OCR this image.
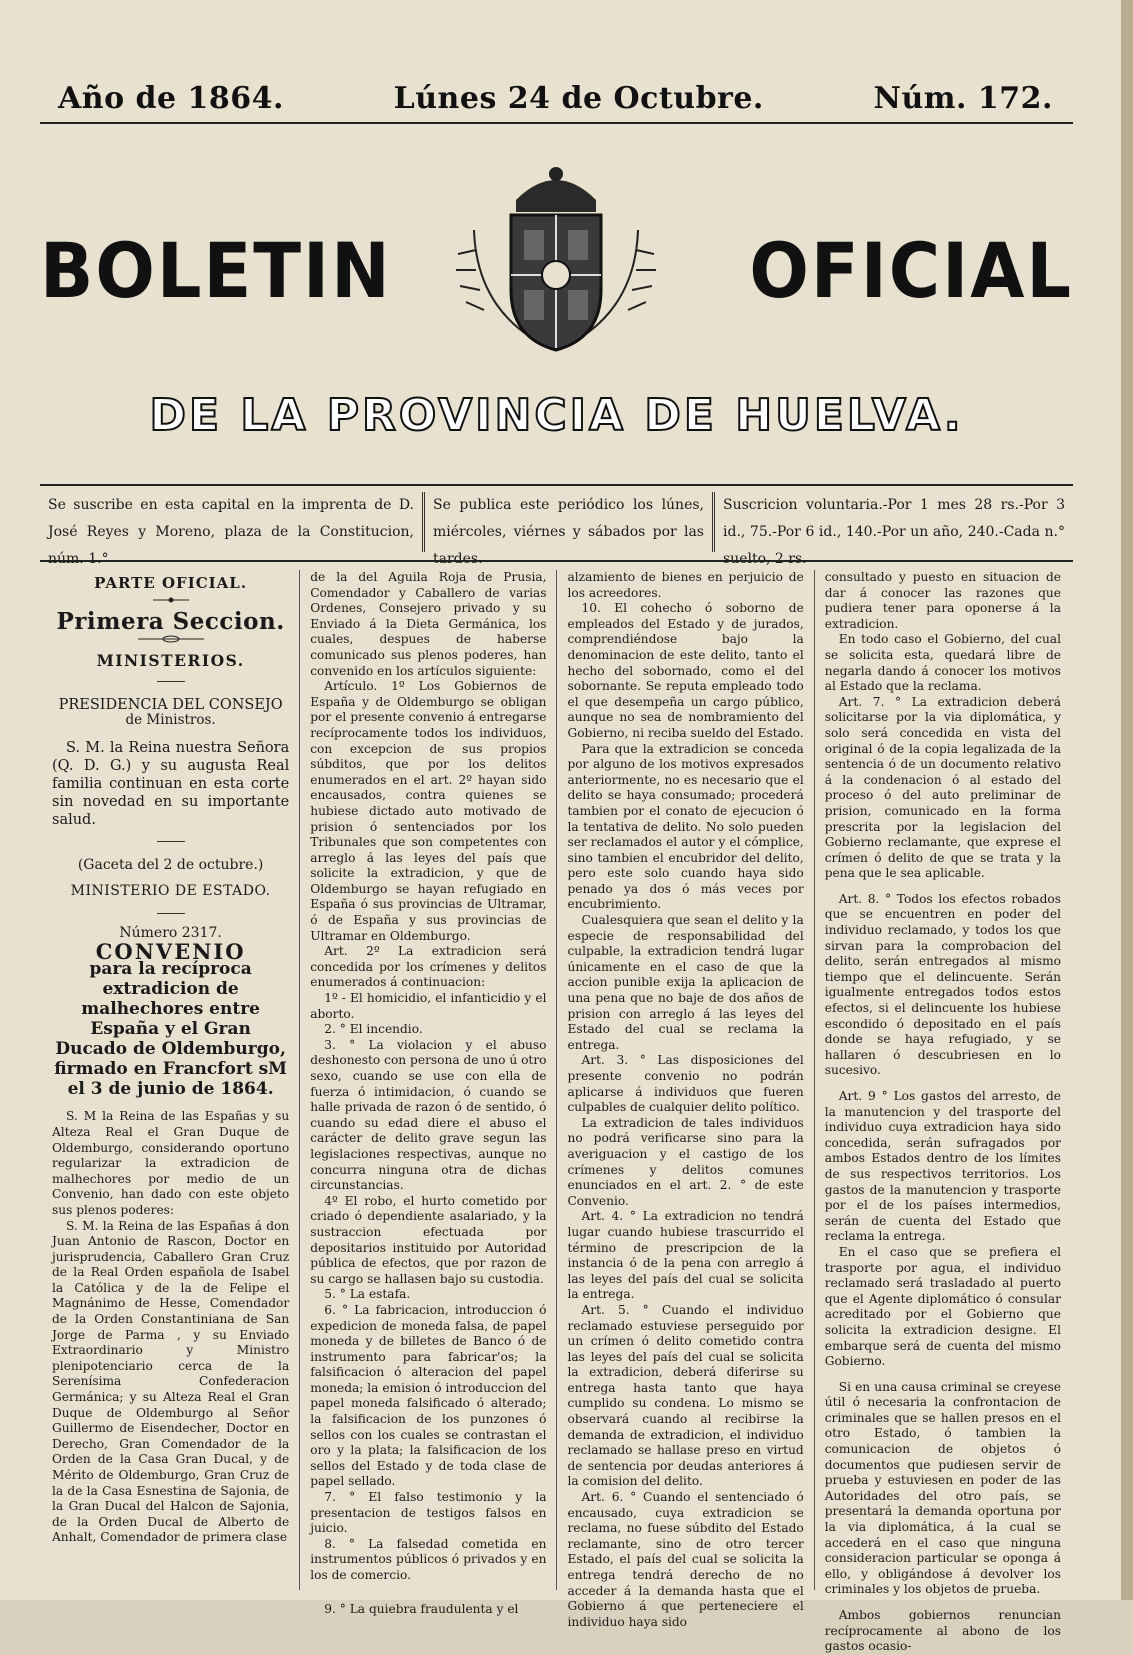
Año de 1864.	Lúnes 24 de Octubre.	Núm. 172.
BOLETIN	OFICIAL
DE LA PROVINCIA DE HUELVA.
Se suscribe en esta capital en la imprenta de D. José Reyes y Moreno, plaza de la Constitucion, núm. 1.°
Se publica este periódico los lúnes, miércoles, viérnes y sábados por las tardes.
Suscricion voluntaria.-Por 1 mes 28 rs.-Por 3 id., 75.-Por 6 id., 140.-Por un año, 240.-Cada n.° suelto, 2 rs.
PARTE OFICIAL.
Primera Seccion.
MINISTERIOS.
PRESIDENCIA DEL CONSEJO
de Ministros.

S. M. la Reina nuestra Señora (Q. D. G.) y su augusta Real familia continuan en esta corte sin novedad en su importante salud.

(Gaceta del 2 de octubre.)
MINISTERIO DE ESTADO.
Número 2317.
CONVENIO
para la recíproca extradicion de malhechores entre España y el Gran Ducado de Oldemburgo, firmado en Francfort sM el 3 de junio de 1864.

S. M la Reina de las Españas y su Alteza Real el Gran Duque de Oldemburgo, considerando oportuno regularizar la extradicion de malhechores por medio de un Convenio, han dado con este objeto sus plenos poderes:

S. M. la Reina de las Españas á don Juan Antonio de Rascon, Doctor en jurisprudencia, Caballero Gran Cruz de la Real Orden española de Isabel la Católica y de la de Felipe el Magnánimo de Hesse, Comendador de la Orden Constantiniana de San Jorge de Parma , y su Enviado Extraordinario y Ministro plenipotenciario cerca de la Serenísima Confederacion Germánica; y su Alteza Real el Gran Duque de Oldemburgo al Señor Guillermo de Eisendecher, Doctor en Derecho, Gran Comendador de la Orden de la Casa Gran Ducal, y de Mérito de Oldemburgo, Gran Cruz de la de la Casa Esnestina de Sajonia, de la Gran Ducal del Halcon de Sajonia, de la Orden Ducal de Alberto de Anhalt, Comendador de primera clase

de la del Aguila Roja de Prusia, Comendador y Caballero de varias Ordenes, Consejero privado y su Enviado á la Dieta Germánica, los cuales, despues de haberse comunicado sus plenos poderes, han convenido en los artículos siguiente:

Artículo. 1º Los Gobiernos de España y de Oldemburgo se obligan por el presente convenio á entregarse recíprocamente todos los individuos, con excepcion de sus propios súbditos, que por los delitos enumerados en el art. 2º hayan sido encausados, contra quienes se hubiese dictado auto motivado de prision ó sentenciados por los Tribunales que son competentes con arreglo á las leyes del país que solicite la extradicion, y que de Oldemburgo se hayan refugiado en España ó sus provincias de Ultramar, ó de España y sus provincias de Ultramar en Oldemburgo.

Art. 2º La extradicion será concedida por los crímenes y delitos enumerados á continuacion:

1º - El homicidio, el infanticidio y el aborto.

2. ° El incendio.

3. ° La violacion y el abuso deshonesto con persona de uno ú otro sexo, cuando se use con ella de fuerza ó intimidacion, ó cuando se halle privada de razon ó de sentido, ó cuando su edad diere el abuso el carácter de delito grave segun las legislaciones respectivas, aunque no concurra ninguna otra de dichas circunstancias.

4º El robo, el hurto cometido por criado ó dependiente asalariado, y la sustraccion efectuada por depositarios instituido por Autoridad pública de efectos, que por razon de su cargo se hallasen bajo su custodia.

5. ° La estafa.

6. ° La fabricacion, introduccion ó expedicion de moneda falsa, de papel moneda y de billetes de Banco ó de instrumento para fabricar'os; la falsificacion ó alteracion del papel moneda; la emision ó introduccion del papel moneda falsificado ó alterado; la falsificacion de los punzones ó sellos con los cuales se contrastan el oro y la plata; la falsificacion de los sellos del Estado y de toda clase de papel sellado.

7. ° El falso testimonio y la presentacion de testigos falsos en juicio.

8. ° La falsedad cometida en instrumentos públicos ó privados y en los de comercio.

9. ° La quiebra fraudulenta y el

alzamiento de bienes en perjuicio de los acreedores.

10. El cohecho ó soborno de empleados del Estado y de jurados, comprendiéndose bajo la denominacion de este delito, tanto el hecho del sobornado, como el del sobornante. Se reputa empleado todo el que desempeña un cargo público, aunque no sea de nombramiento del Gobierno, ni reciba sueldo del Estado.

Para que la extradicion se conceda por alguno de los motivos expresados anteriormente, no es necesario que el delito se haya consumado; procederá tambien por el conato de ejecucion ó la tentativa de delito. No solo pueden ser reclamados el autor y el cómplice, sino tambien el encubridor del delito, pero este solo cuando haya sido penado ya dos ó más veces por encubrimiento.

Cualesquiera que sean el delito y la especie de responsabilidad del culpable, la extradicion tendrá lugar únicamente en el caso de que la accion punible exija la aplicacion de una pena que no baje de dos años de prision con arreglo á las leyes del Estado del cual se reclama la entrega.

Art. 3. ° Las disposiciones del presente convenio no podrán aplicarse á individuos que fueren culpables de cualquier delito político.

La extradicion de tales individuos no podrá verificarse sino para la averiguacion y el castigo de los crímenes y delitos comunes enunciados en el art. 2. ° de este Convenio.

Art. 4. ° La extradicion no tendrá lugar cuando hubiese trascurrido el término de prescripcion de la instancia ó de la pena con arreglo á las leyes del país del cual se solicita la entrega.

Art. 5. ° Cuando el individuo reclamado estuviese perseguido por un crímen ó delito cometido contra las leyes del país del cual se solicita la extradicion, deberá diferirse su entrega hasta tanto que haya cumplido su condena. Lo mismo se observará cuando al recibirse la demanda de extradicion, el individuo reclamado se hallase preso en virtud de sentencia por deudas anteriores á la comision del delito.

Art. 6. ° Cuando el sentenciado ó encausado, cuya extradicion se reclama, no fuese súbdito del Estado reclamante, sino de otro tercer Estado, el país del cual se solicita la entrega tendrá derecho de no acceder á la demanda hasta que el Gobierno á que perteneciere el individuo haya sido

consultado y puesto en situacion de dar á conocer las razones que pudiera tener para oponerse á la extradicion.

En todo caso el Gobierno, del cual se solicita esta, quedará libre de negarla dando á conocer los motivos al Estado que la reclama.

Art. 7. ° La extradicion deberá solicitarse por la via diplomática, y solo será concedida en vista del original ó de la copia legalizada de la sentencia ó de un documento relativo á la condenacion ó al estado del proceso ó del auto preliminar de prision, comunicado en la forma prescrita por la legislacion del Gobierno reclamante, que exprese el crímen ó delito de que se trata y la pena que le sea aplicable.

Art. 8. ° Todos los efectos robados que se encuentren en poder del individuo reclamado, y todos los que sirvan para la comprobacion del delito, serán entregados al mismo tiempo que el delincuente. Serán igualmente entregados todos estos efectos, si el delincuente los hubiese escondido ó depositado en el país donde se haya refugiado, y se hallaren ó descubriesen en lo sucesivo.

Art. 9 ° Los gastos del arresto, de la manutencion y del trasporte del individuo cuya extradicion haya sido concedida, serán sufragados por ambos Estados dentro de los límites de sus respectivos territorios. Los gastos de la manutencion y trasporte por el de los países intermedios, serán de cuenta del Estado que reclama la entrega.

En el caso que se prefiera el trasporte por agua, el individuo reclamado será trasladado al puerto que el Agente diplomático ó consular acreditado por el Gobierno que solicita la extradicion designe. El embarque será de cuenta del mismo Gobierno.

Si en una causa criminal se creyese útil ó necesaria la confrontacion de criminales que se hallen presos en el otro Estado, ó tambien la comunicacion de objetos ó documentos que pudiesen servir de prueba y estuviesen en poder de las Autoridades del otro país, se presentará la demanda oportuna por la via diplomática, á la cual se accederá en el caso que ninguna consideracion particular se oponga á ello, y obligándose á devolver los criminales y los objetos de prueba.

Ambos gobiernos renuncian recíprocamente al abono de los gastos ocasio-
